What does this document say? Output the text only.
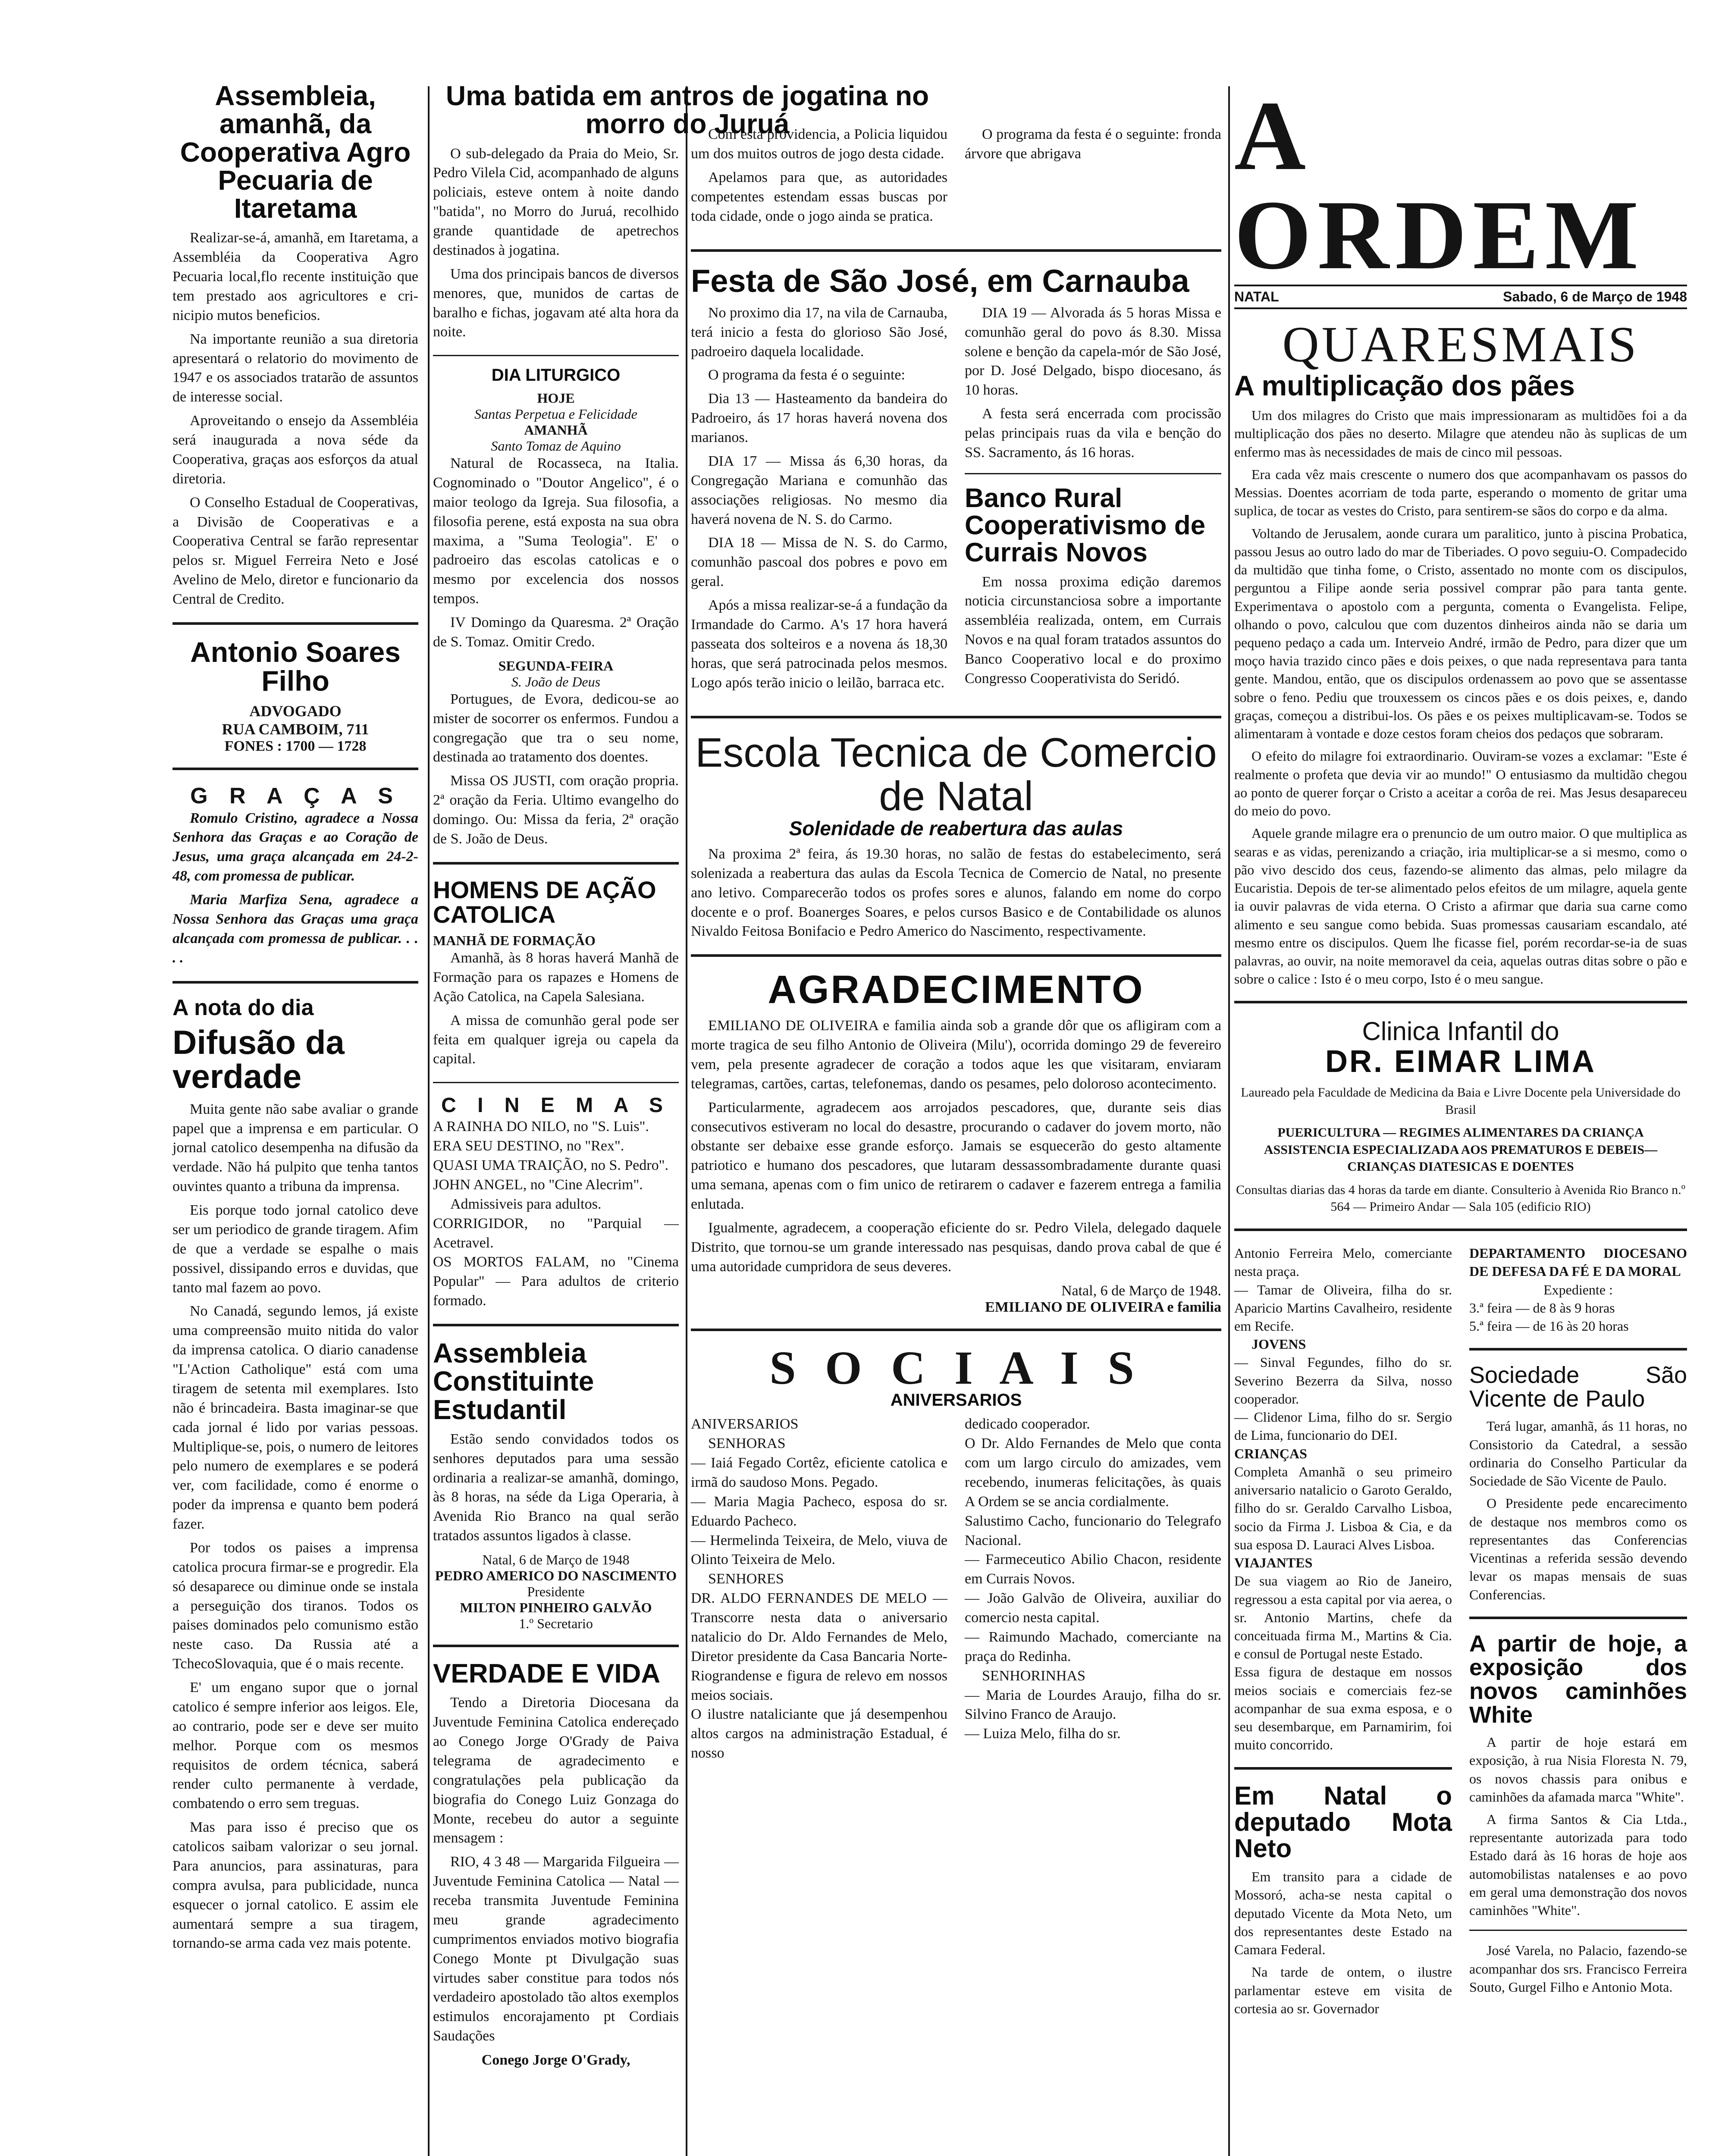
Assembleia, amanhã, da Cooperativa Agro Pecuaria de Itaretama

Realizar-se-á, amanhã, em Itaretama, a Assembléia da Cooperativa Agro Pecuaria local,flo recente instituição que tem prestado aos agricultores e cri- nicipio mutos beneficios.

Na importante reunião a sua diretoria apresentará o relatorio do movimento de 1947 e os associados tratarão de assuntos de interesse social.

Aproveitando o ensejo da Assembléia será inaugurada a nova séde da Cooperativa, graças aos esforços da atual diretoria.

O Conselho Estadual de Cooperativas, a Divisão de Cooperativas e a Cooperativa Central se farão representar pelos sr. Miguel Ferreira Neto e José Avelino de Melo, diretor e funcionario da Central de Credito.

Antonio Soares Filho
ADVOGADO
RUA CAMBOIM, 711
FONES : 1700 — 1728
G R A Ç A S

Romulo Cristino, agradece a Nossa Senhora das Graças e ao Coração de Jesus, uma graça alcançada em 24-2-48, com promessa de publicar.

Maria Marfiza Sena, agradece a Nossa Senhora das Graças uma graça alcançada com promessa de publicar. . . . .

A nota do dia
Difusão da verdade

Muita gente não sabe avaliar o grande papel que a imprensa e em particular. O jornal catolico desempenha na difusão da verdade. Não há pulpito que tenha tantos ouvintes quanto a tribuna da imprensa.

Eis porque todo jornal catolico deve ser um periodico de grande tiragem. Afim de que a verdade se espalhe o mais possivel, dissipando erros e duvidas, que tanto mal fazem ao povo.

No Canadá, segundo lemos, já existe uma compreensão muito nitida do valor da imprensa catolica. O diario canadense "L'Action Catholique" está com uma tiragem de setenta mil exemplares. Isto não é brincadeira. Basta imaginar-se que cada jornal é lido por varias pessoas. Multiplique-se, pois, o numero de leitores pelo numero de exemplares e se poderá ver, com facilidade, como é enorme o poder da imprensa e quanto bem poderá fazer.

Por todos os paises a imprensa catolica procura firmar-se e progredir. Ela só desaparece ou diminue onde se instala a perseguição dos tiranos. Todos os paises dominados pelo comunismo estão neste caso. Da Russia até a TchecoSlovaquia, que é o mais recente.

E' um engano supor que o jornal catolico é sempre inferior aos leigos. Ele, ao contrario, pode ser e deve ser muito melhor. Porque com os mesmos requisitos de ordem técnica, saberá render culto permanente à verdade, combatendo o erro sem treguas.

Mas para isso é preciso que os catolicos saibam valorizar o seu jornal. Para anuncios, para assinaturas, para compra avulsa, para publicidade, nunca esquecer o jornal catolico. E assim ele aumentará sempre a sua tiragem, tornando-se arma cada vez mais potente.

Uma batida em antros de jogatina no morro do Juruá

O sub-delegado da Praia do Meio, Sr. Pedro Vilela Cid, acompanhado de alguns policiais, esteve ontem à noite dando "batida", no Morro do Juruá, recolhido grande quantidade de apetrechos destinados à jogatina.

Uma dos principais bancos de diversos menores, que, munidos de cartas de baralho e fichas, jogavam até alta hora da noite.

DIA LITURGICO
HOJE
Santas Perpetua e Felicidade
AMANHÃ
Santo Tomaz de Aquino

Natural de Rocasseca, na Italia. Cognominado o "Doutor Angelico", é o maior teologo da Igreja. Sua filosofia, a filosofia perene, está exposta na sua obra maxima, a "Suma Teologia". E' o padroeiro das escolas catolicas e o mesmo por excelencia dos nossos tempos.

IV Domingo da Quaresma. 2ª Oração de S. Tomaz. Omitir Credo.

SEGUNDA-FEIRA
S. João de Deus

Portugues, de Evora, dedicou-se ao mister de socorrer os enfermos. Fundou a congregação que tra o seu nome, destinada ao tratamento dos doentes.

Missa OS JUSTI, com oração propria. 2ª oração da Feria. Ultimo evangelho do domingo. Ou: Missa da feria, 2ª oração de S. João de Deus.

HOMENS DE AÇÃO CATOLICA
MANHÃ DE FORMAÇÃO

Amanhã, às 8 horas haverá Manhã de Formação para os rapazes e Homens de Ação Catolica, na Capela Salesiana.

A missa de comunhão geral pode ser feita em qualquer igreja ou capela da capital.

C I N E M A S
A RAINHA DO NILO, no "S. Luis".
ERA SEU DESTINO, no "Rex".
QUASI UMA TRAIÇÃO, no S. Pedro".
JOHN ANGEL, no "Cine Alecrim".
Admissiveis para adultos.
CORRIGIDOR, no "Parquial — Acetravel.
OS MORTOS FALAM, no "Cinema Popular" — Para adultos de criterio formado.
Assembleia Constituinte Estudantil

Estão sendo convidados todos os senhores deputados para uma sessão ordinaria a realizar-se amanhã, domingo, às 8 horas, na séde da Liga Operaria, à Avenida Rio Branco na qual serão tratados assuntos ligados à classe.

Natal, 6 de Março de 1948
PEDRO AMERICO DO NASCIMENTO
Presidente
MILTON PINHEIRO GALVÃO
1.º Secretario
VERDADE E VIDA

Tendo a Diretoria Diocesana da Juventude Feminina Catolica endereçado ao Conego Jorge O'Grady de Paiva telegrama de agradecimento e congratulações pela publicação da biografia do Conego Luiz Gonzaga do Monte, recebeu do autor a seguinte mensagem :

RIO, 4 3 48 — Margarida Filgueira — Juventude Feminina Catolica — Natal — receba transmita Juventude Feminina meu grande agradecimento cumprimentos enviados motivo biografia Conego Monte pt Divulgação suas virtudes saber constitue para todos nós verdadeiro apostolado tão altos exemplos estimulos encorajamento pt Cordiais Saudações

Conego Jorge O'Grady,

Com esta providencia, a Policia liquidou um dos muitos outros de jogo desta cidade.

Apelamos para que, as autoridades competentes estendam essas buscas por toda cidade, onde o jogo ainda se pratica.

O programa da festa é o seguinte: fronda árvore que abrigava

Festa de São José, em Carnauba

No proximo dia 17, na vila de Carnauba, terá inicio a festa do glorioso São José, padroeiro daquela localidade.

O programa da festa é o seguinte:

Dia 13 — Hasteamento da bandeira do Padroeiro, ás 17 horas haverá novena dos marianos.

DIA 17 — Missa ás 6,30 horas, da Congregação Mariana e comunhão das associações religiosas. No mesmo dia haverá novena de N. S. do Carmo.

DIA 18 — Missa de N. S. do Carmo, comunhão pascoal dos pobres e povo em geral.

Após a missa realizar-se-á a fundação da Irmandade do Carmo. A's 17 hora haverá passeata dos solteiros e a novena ás 18,30 horas, que será patrocinada pelos mesmos. Logo após terão inicio o leilão, barraca etc.

DIA 19 — Alvorada ás 5 horas Missa e comunhão geral do povo ás 8.30. Missa solene e benção da capela-mór de São José, por D. José Delgado, bispo diocesano, ás 10 horas.

A festa será encerrada com procissão pelas principais ruas da vila e benção do SS. Sacramento, ás 16 horas.

Banco Rural Cooperativismo de Currais Novos

Em nossa proxima edição daremos noticia circunstanciosa sobre a importante assembléia realizada, ontem, em Currais Novos e na qual foram tratados assuntos do Banco Cooperativo local e do proximo Congresso Cooperativista do Seridó.

Escola Tecnica de Comercio de Natal
Solenidade de reabertura das aulas

Na proxima 2ª feira, ás 19.30 horas, no salão de festas do estabelecimento, será solenizada a reabertura das aulas da Escola Tecnica de Comercio de Natal, no presente ano letivo. Comparecerão todos os profes sores e alunos, falando em nome do corpo docente e o prof. Boanerges Soares, e pelos cursos Basico e de Contabilidade os alunos Nivaldo Feitosa Bonifacio e Pedro Americo do Nascimento, respectivamente.

AGRADECIMENTO

EMILIANO DE OLIVEIRA e familia ainda sob a grande dôr que os afligiram com a morte tragica de seu filho Antonio de Oliveira (Milu'), ocorrida domingo 29 de fevereiro vem, pela presente agradecer de coração a todos aque les que visitaram, enviaram telegramas, cartões, cartas, telefonemas, dando os pesames, pelo doloroso acontecimento.

Particularmente, agradecem aos arrojados pescadores, que, durante seis dias consecutivos estiveram no local do desastre, procurando o cadaver do jovem morto, não obstante ser debaixe esse grande esforço. Jamais se esquecerão do gesto altamente patriotico e humano dos pescadores, que lutaram dessassombradamente durante quasi uma semana, apenas com o fim unico de retirarem o cadaver e fazerem entrega a familia enlutada.

Igualmente, agradecem, a cooperação eficiente do sr. Pedro Vilela, delegado daquele Distrito, que tornou-se um grande interessado nas pesquisas, dando prova cabal de que é uma autoridade cumpridora de seus deveres.

Natal, 6 de Março de 1948.
EMILIANO DE OLIVEIRA e familia
S O C I A I S
ANIVERSARIOS
ANIVERSARIOS
SENHORAS
— Iaiá Fegado Cortêz, eficiente catolica e irmã do saudoso Mons. Pegado.
— Maria Magia Pacheco, esposa do sr. Eduardo Pacheco.
— Hermelinda Teixeira, de Melo, viuva de Olinto Teixeira de Melo.
SENHORES
DR. ALDO FERNANDES DE MELO — Transcorre nesta data o aniversario natalicio do Dr. Aldo Fernandes de Melo, Diretor presidente da Casa Bancaria Norte-Riograndense e figura de relevo em nossos meios sociais.
O ilustre nataliciante que já desempenhou altos cargos na administração Estadual, é nosso
dedicado cooperador.
O Dr. Aldo Fernandes de Melo que conta com um largo circulo do amizades, vem recebendo, inumeras felicitações, às quais A Ordem se se ancia cordialmente.
Salustimo Cacho, funcionario do Telegrafo Nacional.
— Farmeceutico Abilio Chacon, residente em Currais Novos.
— João Galvão de Oliveira, auxiliar do comercio nesta capital.
— Raimundo Machado, comerciante na praça do Redinha.
SENHORINHAS
— Maria de Lourdes Araujo, filha do sr. Silvino Franco de Araujo.
— Luiza Melo, filha do sr.
A ORDEM
NATAL	Sabado, 6 de Março de 1948
QUARESMAIS
A multiplicação dos pães

Um dos milagres do Cristo que mais impressionaram as multidões foi a da multiplicação dos pães no deserto. Milagre que atendeu não às suplicas de um enfermo mas às necessidades de mais de cinco mil pessoas.

Era cada vêz mais crescente o numero dos que acompanhavam os passos do Messias. Doentes acorriam de toda parte, esperando o momento de gritar uma suplica, de tocar as vestes do Cristo, para sentirem-se sãos do corpo e da alma.

Voltando de Jerusalem, aonde curara um paralitico, junto à piscina Probatica, passou Jesus ao outro lado do mar de Tiberiades. O povo seguiu-O. Compadecido da multidão que tinha fome, o Cristo, assentado no monte com os discipulos, perguntou a Filipe aonde seria possivel comprar pão para tanta gente. Experimentava o apostolo com a pergunta, comenta o Evangelista. Felipe, olhando o povo, calculou que com duzentos dinheiros ainda não se daria um pequeno pedaço a cada um. Interveio André, irmão de Pedro, para dizer que um moço havia trazido cinco pães e dois peixes, o que nada representava para tanta gente. Mandou, então, que os discipulos ordenassem ao povo que se assentasse sobre o feno. Pediu que trouxessem os cincos pães e os dois peixes, e, dando graças, começou a distribui-los. Os pães e os peixes multiplicavam-se. Todos se alimentaram à vontade e doze cestos foram cheios dos pedaços que sobraram.

O efeito do milagre foi extraordinario. Ouviram-se vozes a exclamar: "Este é realmente o profeta que devia vir ao mundo!" O entusiasmo da multidão chegou ao ponto de querer forçar o Cristo a aceitar a corôa de rei. Mas Jesus desapareceu do meio do povo.

Aquele grande milagre era o prenuncio de um outro maior. O que multiplica as searas e as vidas, perenizando a criação, iria multiplicar-se a si mesmo, como o pão vivo descido dos ceus, fazendo-se alimento das almas, pelo milagre da Eucaristia. Depois de ter-se alimentado pelos efeitos de um milagre, aquela gente ia ouvir palavras de vida eterna. O Cristo a afirmar que daria sua carne como alimento e seu sangue como bebida. Suas promessas causariam escandalo, até mesmo entre os discipulos. Quem lhe ficasse fiel, porém recordar-se-ia de suas palavras, ao ouvir, na noite memoravel da ceia, aquelas outras ditas sobre o pão e sobre o calice : Isto é o meu corpo, Isto é o meu sangue.

Clinica Infantil do
DR. EIMAR LIMA
Laureado pela Faculdade de Medicina da Baia e Livre Docente pela Universidade do Brasil
PUERICULTURA — REGIMES ALIMENTARES DA CRIANÇA ASSISTENCIA ESPECIALIZADA AOS PREMATUROS E DEBEIS— CRIANÇAS DIATESICAS E DOENTES
Consultas diarias das 4 horas da tarde em diante. Consulterio à Avenida Rio Branco n.º 564 — Primeiro Andar — Sala 105 (edificio RIO)
Antonio Ferreira Melo, comerciante nesta praça.
— Tamar de Oliveira, filha do sr. Aparicio Martins Cavalheiro, residente em Recife.
JOVENS
— Sinval Fegundes, filho do sr. Severino Bezerra da Silva, nosso cooperador.
— Clidenor Lima, filho do sr. Sergio de Lima, funcionario do DEI.
CRIANÇAS
Completa Amanhã o seu primeiro aniversario natalicio o Garoto Geraldo, filho do sr. Geraldo Carvalho Lisboa, socio da Firma J. Lisboa & Cia, e da sua esposa D. Lauraci Alves Lisboa.
VIAJANTES
De sua viagem ao Rio de Janeiro, regressou a esta capital por via aerea, o sr. Antonio Martins, chefe da conceituada firma M., Martins & Cia. e consul de Portugal neste Estado.
Essa figura de destaque em nossos meios sociais e comerciais fez-se acompanhar de sua exma esposa, e o seu desembarque, em Parnamirim, foi muito concorrido.
Em Natal o deputado Mota Neto

Em transito para a cidade de Mossoró, acha-se nesta capital o deputado Vicente da Mota Neto, um dos representantes deste Estado na Camara Federal.

Na tarde de ontem, o ilustre parlamentar esteve em visita de cortesia ao sr. Governador

DEPARTAMENTO DIOCESANO DE DEFESA DA FÉ E DA MORAL
Expediente :
3.ª feira — de 8 às 9 horas
5.ª feira — de 16 às 20 horas
Sociedade São Vicente de Paulo

Terá lugar, amanhã, ás 11 horas, no Consistorio da Catedral, a sessão ordinaria do Conselho Particular da Sociedade de São Vicente de Paulo.

O Presidente pede encarecimento de destaque nos membros como os representantes das Conferencias Vicentinas a referida sessão devendo levar os mapas mensais de suas Conferencias.

A partir de hoje, a exposição dos novos caminhões White

A partir de hoje estará em exposição, à rua Nisia Floresta N. 79, os novos chassis para onibus e caminhões da afamada marca "White".

A firma Santos & Cia Ltda., representante autorizada para todo Estado dará às 16 horas de hoje aos automobilistas natalenses e ao povo em geral uma demonstração dos novos caminhões "White".

José Varela, no Palacio, fazendo-se acompanhar dos srs. Francisco Ferreira Souto, Gurgel Filho e Antonio Mota.
